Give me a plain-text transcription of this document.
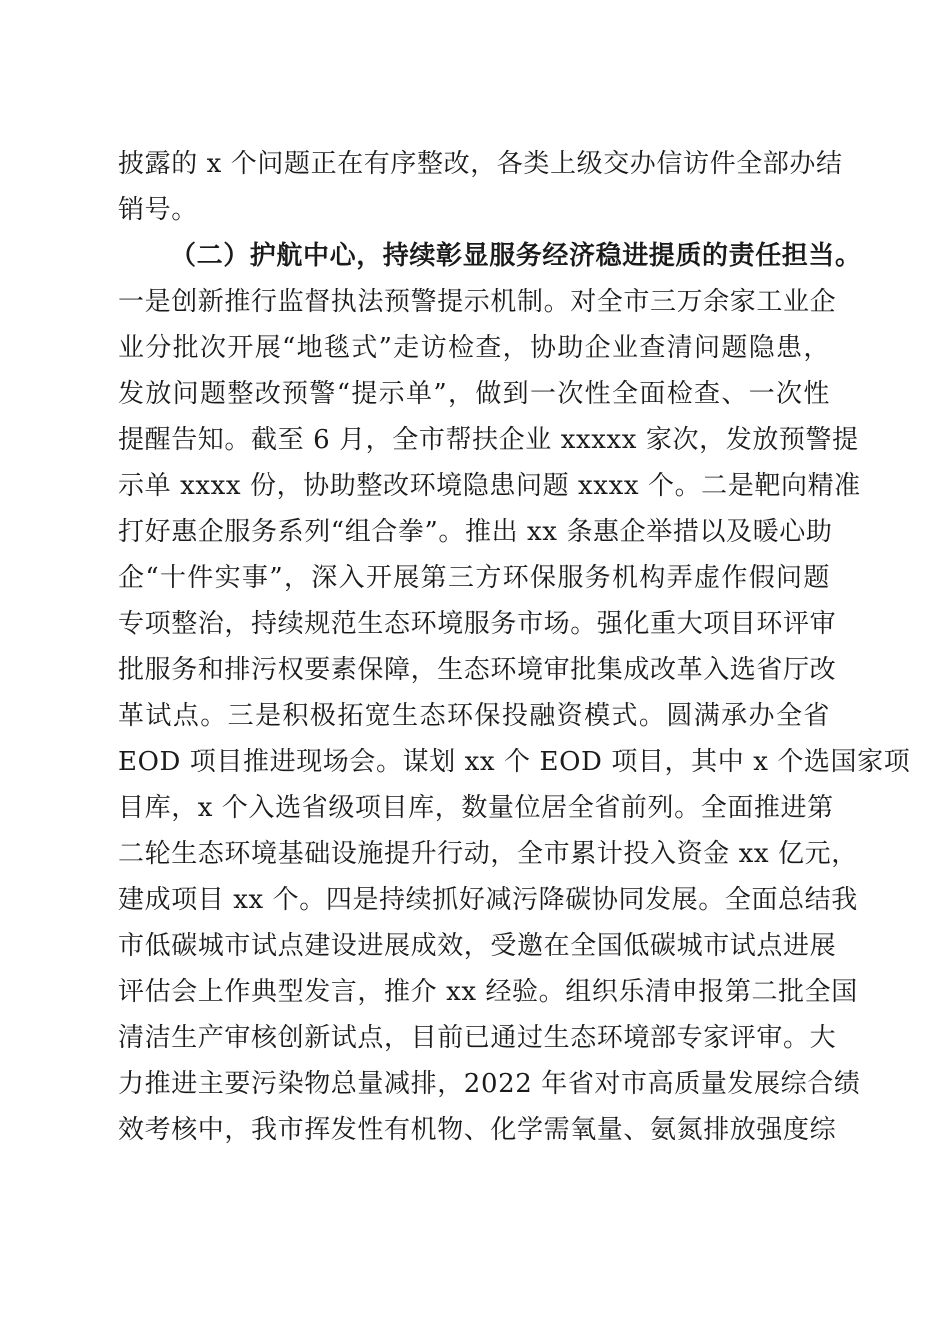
披露的 x 个问题正在有序整改，各类上级交办信访件全部办结
销号。
（二）护航中心，持续彰显服务经济稳进提质的责任担当。
一是创新推行监督执法预警提示机制。对全市三万余家工业企
业分批次开展“地毯式”走访检查，协助企业查清问题隐患，
发放问题整改预警“提示单”，做到一次性全面检查、一次性
提醒告知。截至 6 月，全市帮扶企业 xxxxx 家次，发放预警提
示单 xxxx 份，协助整改环境隐患问题 xxxx 个。二是靶向精准
打好惠企服务系列“组合拳”。推出 xx 条惠企举措以及暖心助
企“十件实事”，深入开展第三方环保服务机构弄虚作假问题
专项整治，持续规范生态环境服务市场。强化重大项目环评审
批服务和排污权要素保障，生态环境审批集成改革入选省厅改
革试点。三是积极拓宽生态环保投融资模式。圆满承办全省
EOD 项目推进现场会。谋划 xx 个 EOD 项目，其中 x 个选国家项
目库，x 个入选省级项目库，数量位居全省前列。全面推进第
二轮生态环境基础设施提升行动，全市累计投入资金 xx 亿元，
建成项目 xx 个。四是持续抓好减污降碳协同发展。全面总结我
市低碳城市试点建设进展成效，受邀在全国低碳城市试点进展
评估会上作典型发言，推介 xx 经验。组织乐清申报第二批全国
清洁生产审核创新试点，目前已通过生态环境部专家评审。大
力推进主要污染物总量减排，2022 年省对市高质量发展综合绩
效考核中，我市挥发性有机物、化学需氧量、氨氮排放强度综
